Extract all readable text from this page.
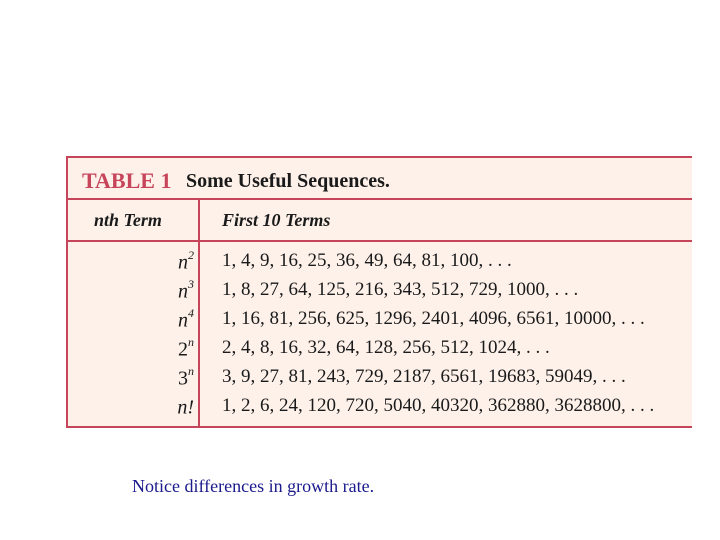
TABLE 1 Some Useful Sequences.
nth Term	First 10 Terms
$n^2$ 1, 4, 9, 16, 25, 36, 49, 64, 81, 100, . . .
$n^3$ 1, 8, 27, 64, 125, 216, 343, 512, 729, 1000, . . .
$n^4$ 1, 16, 81, 256, 625, 1296, 2401, 4096, 6561, 10000, . . .
2$^n$ 2, 4, 8, 16, 32, 64, 128, 256, 512, 1024, . . .
3$^n$ 3, 9, 27, 81, 243, 729, 2187, 6561, 19683, 59049, . . .
n! 1, 2, 6, 24, 120, 720, 5040, 40320, 362880, 3628800, . . .
Notice differences in growth rate.
